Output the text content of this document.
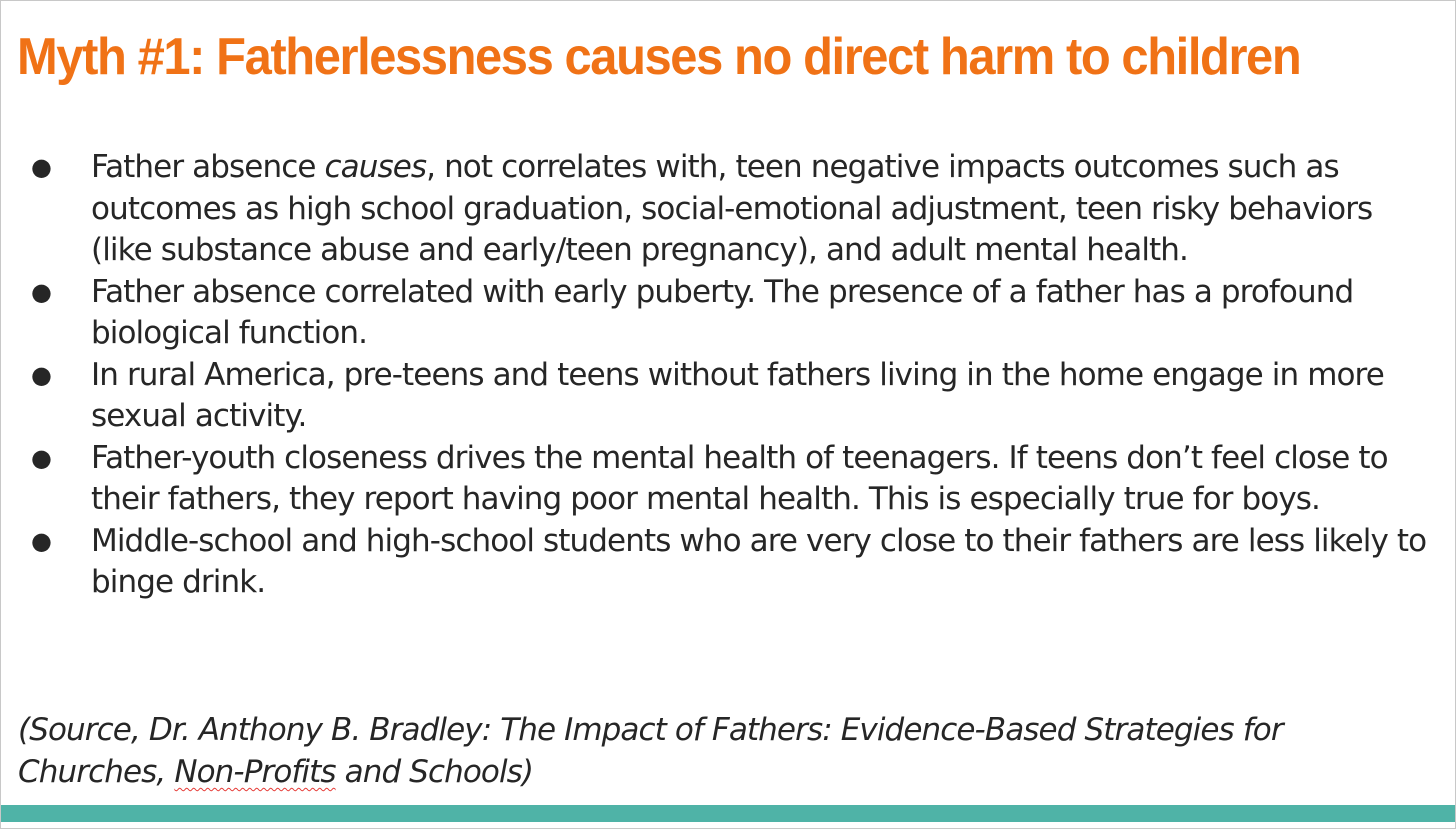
Myth #1: Fatherlessness causes no direct harm to children
● Father absence causes, not correlates with, teen negative impacts outcomes such as outcomes as high school graduation, social-emotional adjustment, teen risky behaviors (like substance abuse and early/teen pregnancy), and adult mental health.
● Father absence correlated with early puberty. The presence of a father has a profound biological function.
● In rural America, pre-teens and teens without fathers living in the home engage in more sexual activity.
● Father-youth closeness drives the mental health of teenagers. If teens don’t feel close to their fathers, they report having poor mental health. This is especially true for boys.
● Middle-school and high-school students who are very close to their fathers are less likely to binge drink.

(Source, Dr. Anthony B. Bradley: The Impact of Fathers: Evidence-Based Strategies for Churches, Non-Profits and Schools)
